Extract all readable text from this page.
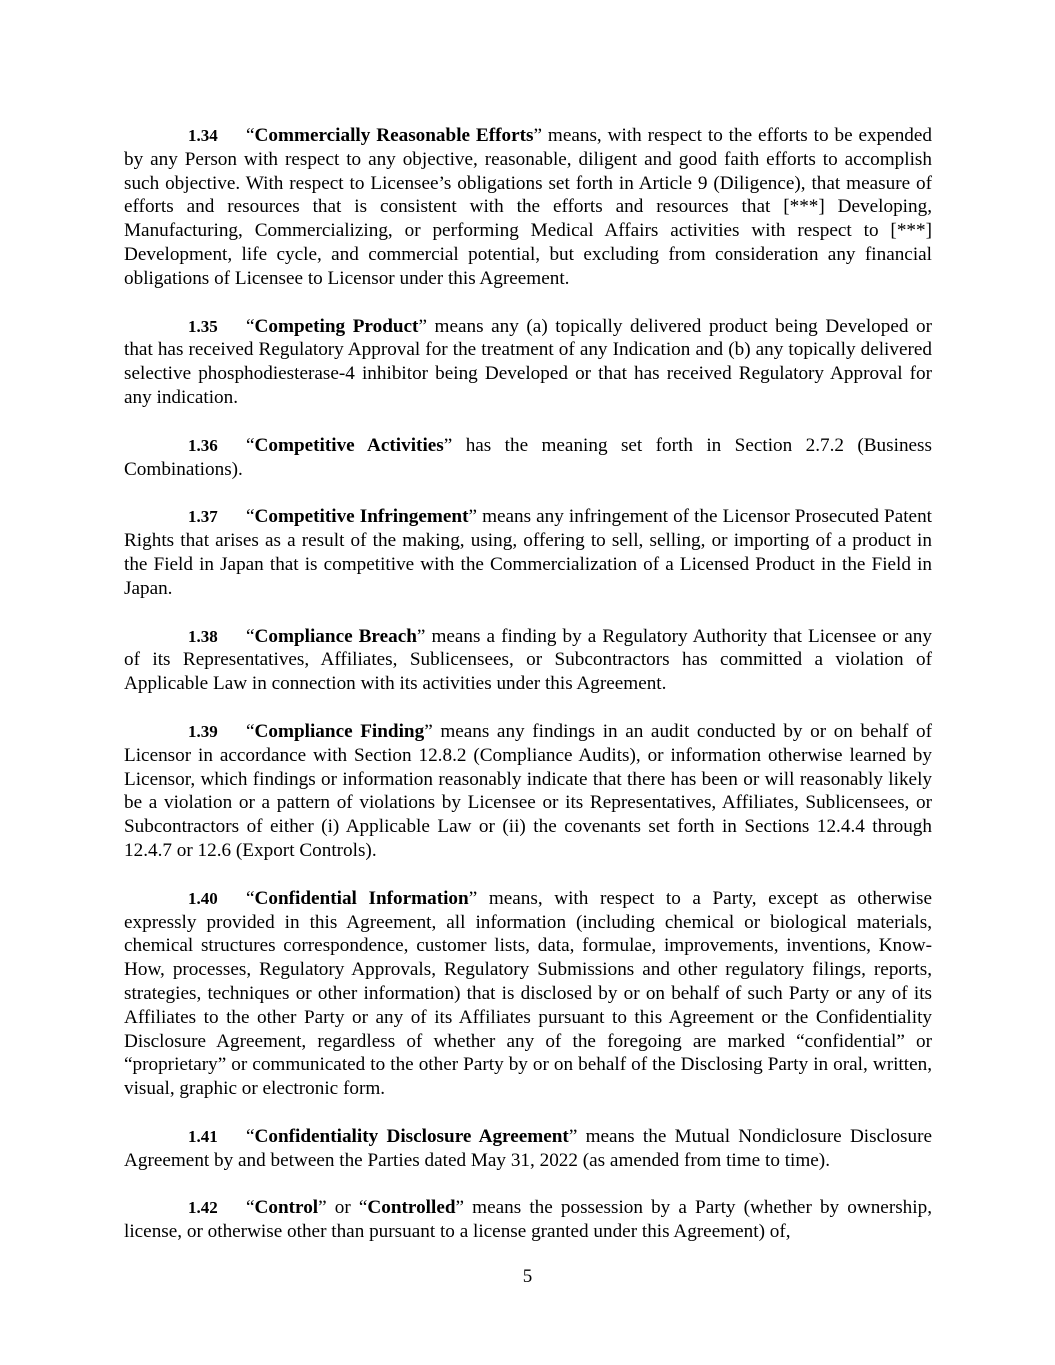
1.34 “Commercially Reasonable Efforts” means, with respect to the efforts to be expended by any Person with respect to any objective, reasonable, diligent and good faith efforts to accomplish such objective. With respect to Licensee’s obligations set forth in Article 9 (Diligence), that measure of efforts and resources that is consistent with the efforts and resources that [***] Developing, Manufacturing, Commercializing, or performing Medical Affairs activities with respect to [***] Development, life cycle, and commercial potential, but excluding from consideration any financial obligations of Licensee to Licensor under this Agreement.

1.35 “Competing Product” means any (a) topically delivered product being Developed or that has received Regulatory Approval for the treatment of any Indication and (b) any topically delivered selective phosphodiesterase-4 inhibitor being Developed or that has received Regulatory Approval for any indication.

1.36 “Competitive Activities” has the meaning set forth in Section 2.7.2 (Business Combinations).

1.37 “Competitive Infringement” means any infringement of the Licensor Prosecuted Patent Rights that arises as a result of the making, using, offering to sell, selling, or importing of a product in the Field in Japan that is competitive with the Commercialization of a Licensed Product in the Field in Japan.

1.38 “Compliance Breach” means a finding by a Regulatory Authority that Licensee or any of its Representatives, Affiliates, Sublicensees, or Subcontractors has committed a violation of Applicable Law in connection with its activities under this Agreement.

1.39 “Compliance Finding” means any findings in an audit conducted by or on behalf of Licensor in accordance with Section 12.8.2 (Compliance Audits), or information otherwise learned by Licensor, which findings or information reasonably indicate that there has been or will reasonably likely be a violation or a pattern of violations by Licensee or its Representatives, Affiliates, Sublicensees, or Subcontractors of either (i) Applicable Law or (ii) the covenants set forth in Sections 12.4.4 through 12.4.7 or 12.6 (Export Controls).

1.40 “Confidential Information” means, with respect to a Party, except as otherwise expressly provided in this Agreement, all information (including chemical or biological materials, chemical structures correspondence, customer lists, data, formulae, improvements, inventions, Know-How, processes, Regulatory Approvals, Regulatory Submissions and other regulatory filings, reports, strategies, techniques or other information) that is disclosed by or on behalf of such Party or any of its Affiliates to the other Party or any of its Affiliates pursuant to this Agreement or the Confidentiality Disclosure Agreement, regardless of whether any of the foregoing are marked “confidential” or “proprietary” or communicated to the other Party by or on behalf of the Disclosing Party in oral, written, visual, graphic or electronic form.

1.41 “Confidentiality Disclosure Agreement” means the Mutual Nondiclosure Disclosure Agreement by and between the Parties dated May 31, 2022 (as amended from time to time).

1.42 “Control” or “Controlled” means the possession by a Party (whether by ownership, license, or otherwise other than pursuant to a license granted under this Agreement) of,

5
